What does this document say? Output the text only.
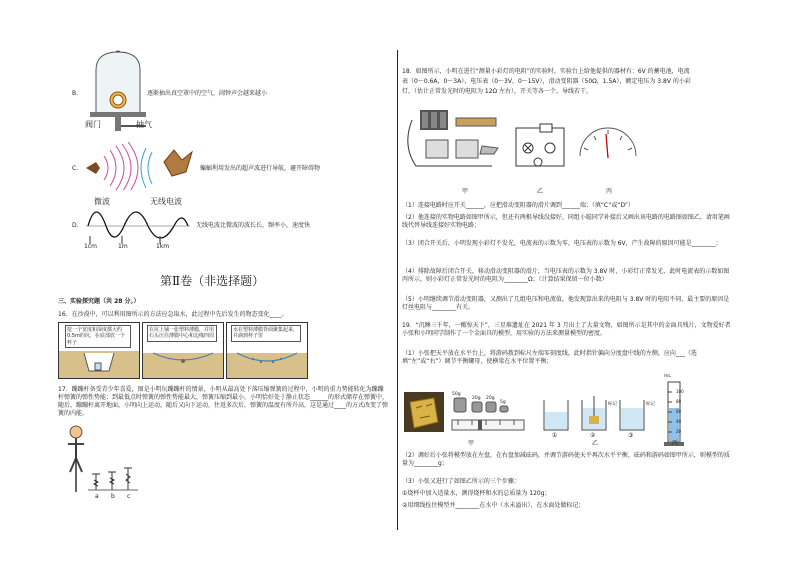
B.	逐渐抽出真空罩中的空气，闹钟声会越来越小
阀门	抽气
C.	蝙蝠利用发出的超声波进行导航，避开障碍物
微波	无线电波
D.	无线电波比微波的波长长，频率小，速度快
1cm	1m	1km
第Ⅱ卷（非选择题）
三、实验探究题（共 28 分。）
16．在沙漠中，可以利用图所示的方法应急取水，此过程中先后发生的物态变化____。
挖一个宽度和深度都大约0.5m的坑，在底部放一个杯子
在坑上铺一张塑料薄膜，并用石头压住薄膜中心和边缘四周
水在塑料薄膜背面聚集起来，并滴到杯子里
17．蹦蹦杆备受青少年喜爱，图是小明玩蹦蹦杆的情景，小明从最高处下落压缩弹簧的过程中，小明的重力势能转化为蹦蹦杆弹簧的弹性势能；到最低点时弹簧的弹性势能最大，弹簧压缩到最小，小明恰好处于静止状态______的形式储存在弹簧中，随后，蹦蹦杆离开地面，小明向上运动，随后又向下运动，往返多次后，弹簧的温度有所升高，这是通过____的方式改变了弹簧的内能。
a b c
18．如图所示，小明在进行“测量小彩灯的电阻”的实验时，实验台上给他提供的器材有：6V 的蓄电池，电流
表（0～0.6A，0～3A），电压表（0～3V，0～15V），滑动变阻器（50Ω，1.5A），额定电压为 3.8V 的小彩
灯，（估计正常发光时的电阻为 12Ω 左右），开关等各一个，导线若干。
甲	乙	丙
（1）连接电路时应开关______，应把滑动变阻器的滑片调到______端；（填“C”或“D”）
（2）他连接的实物电路如图甲所示，但还有两根导线没接好，同组小聪同学补接后又画出该电路的电路图如图乙，请用笔画线代替导线连接好实物电路；
（3）闭合开关后，小明发现小彩灯不发光，电流表的示数为零，电压表的示数为 6V，产生故障的原因可能是________；
（4）排除故障后闭合开关，移动滑动变阻器的滑片，当电压表的示数为 3.8V 时，小彩灯正常发光，此时电流表的示数如图丙所示，则小彩灯正常发光时的电阻为________Ω；（计算结果保留一位小数）
（5）小明继续调节滑动变阻器，又测出了几组电压和电流值，他发现算出来的电阻与 3.8V 时的电阻不同，最主要的原因是灯丝电阻与________有关。
19．“沉睡三千年，一醒惊天下”，三星堆遗址在 2021 年 3 月出土了大量文物，如图所示是其中的金面具残片，文物爱好者小张和小明同学制作了一个金面具的模型，用实验的方法来测量模型的密度。
（1）小张把天平放在水平台上，将游码拨到标尺左端零刻度线，此时指针偏向分度盘中线的左侧，应向___（选填“左”或“右”）调节平衡螺母，使横梁在水平位置平衡；
50g
20g 20g
5g
①	②	③
标记	标记
mL
100
80
60
40
20
甲	乙	丙
（2）调好后小张将模型放在左盘，在右盘加减砝码，并调节游码使天平再次水平平衡，砝码和游码如图甲所示，则模型的质量为________g；
（3）小张又进行了如图乙所示的三个步骤：
①烧杯中加入适量水，测得烧杯和水的总质量为 120g；
②用细线拴住模型并________在水中（水未溢出），在水面处做标记；
